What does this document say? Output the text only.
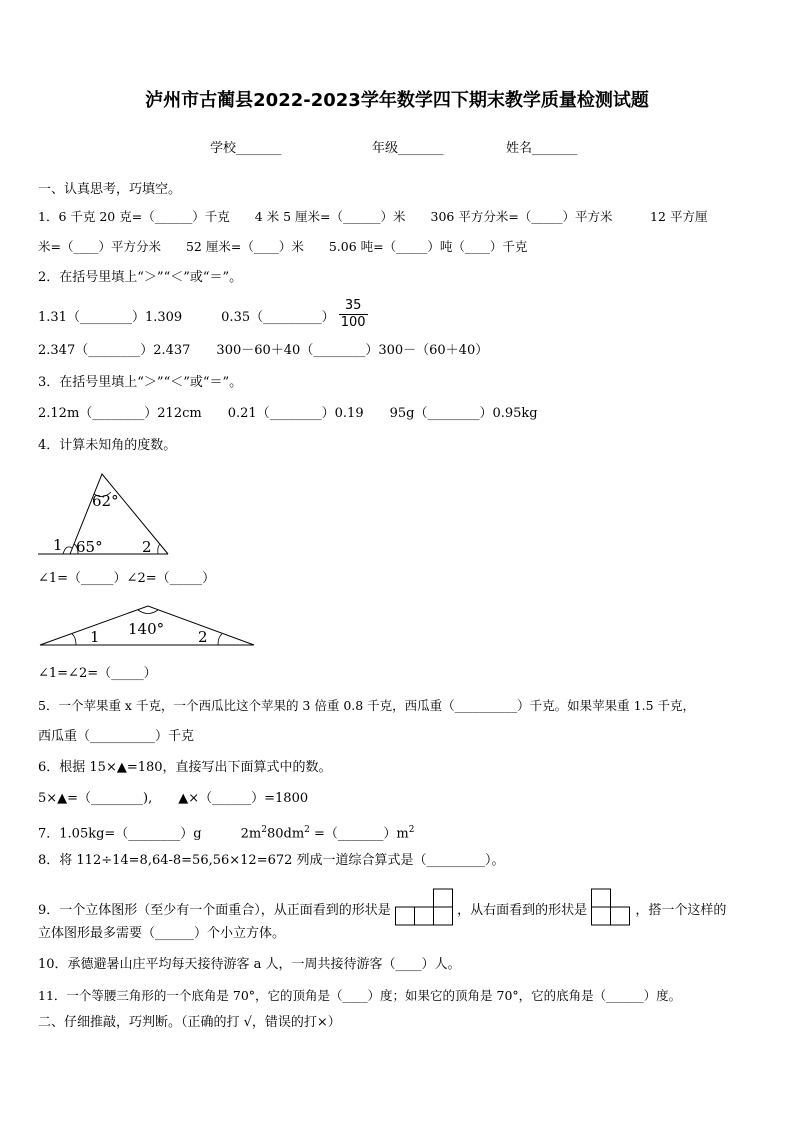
泸州市古蔺县2022-2023学年数学四下期末教学质量检测试题
学校_______	年级_______	姓名_______
一、认真思考，巧填空。
1．6 千克 20 克=（______）千克　　4 米 5 厘米=（______）米　　306 平方分米=（_____）平方米　　　12 平方厘
米=（____）平方分米　　52 厘米=（____）米　　5.06 吨=（_____）吨（____）千克
2．在括号里填上“＞”“＜”或“＝”。
1.31（________）1.309　　　0.35（_________） $\frac{35}{100}$
2.347（________）2.437　　300－60＋40（________）300－（60＋40）
3．在括号里填上“＞”“＜”或“＝”。
2.12m（________）212cm　　0.21（________）0.19　　95g（________）0.95kg
4．计算未知角的度数。
62°
1 65°	2
∠1=（_____）∠2=（_____）
140°
1	2
∠1=∠2=（_____）
5．一个苹果重 x 千克，一个西瓜比这个苹果的 3 倍重 0.8 千克，西瓜重（__________）千克。如果苹果重 1.5 千克，
西瓜重（__________）千克
6．根据 15×▲=180，直接写出下面算式中的数。
5×▲=（________),　　▲×（______）=1800
7．1.05kg=（________）g　　　$2m^280dm^2$ $=(\_\_\_\_\_\_\_)m^2$
8．将 112÷14=8,64-8=56,56×12=672 列成一道综合算式是（_________）。
9．一个立体图形（至少有一个面重合），从正面看到的形状是	，从右面看到的形状是	，搭一个这样的
立体图形最多需要（______）个小立方体。
10．承德避暑山庄平均每天接待游客 a 人，一周共接待游客（____）人。
11．一个等腰三角形的一个底角是 70°，它的顶角是（____）度；如果它的顶角是 70°，它的底角是（______）度。
二、仔细推敲，巧判断。（正确的打 √，错误的打×）
